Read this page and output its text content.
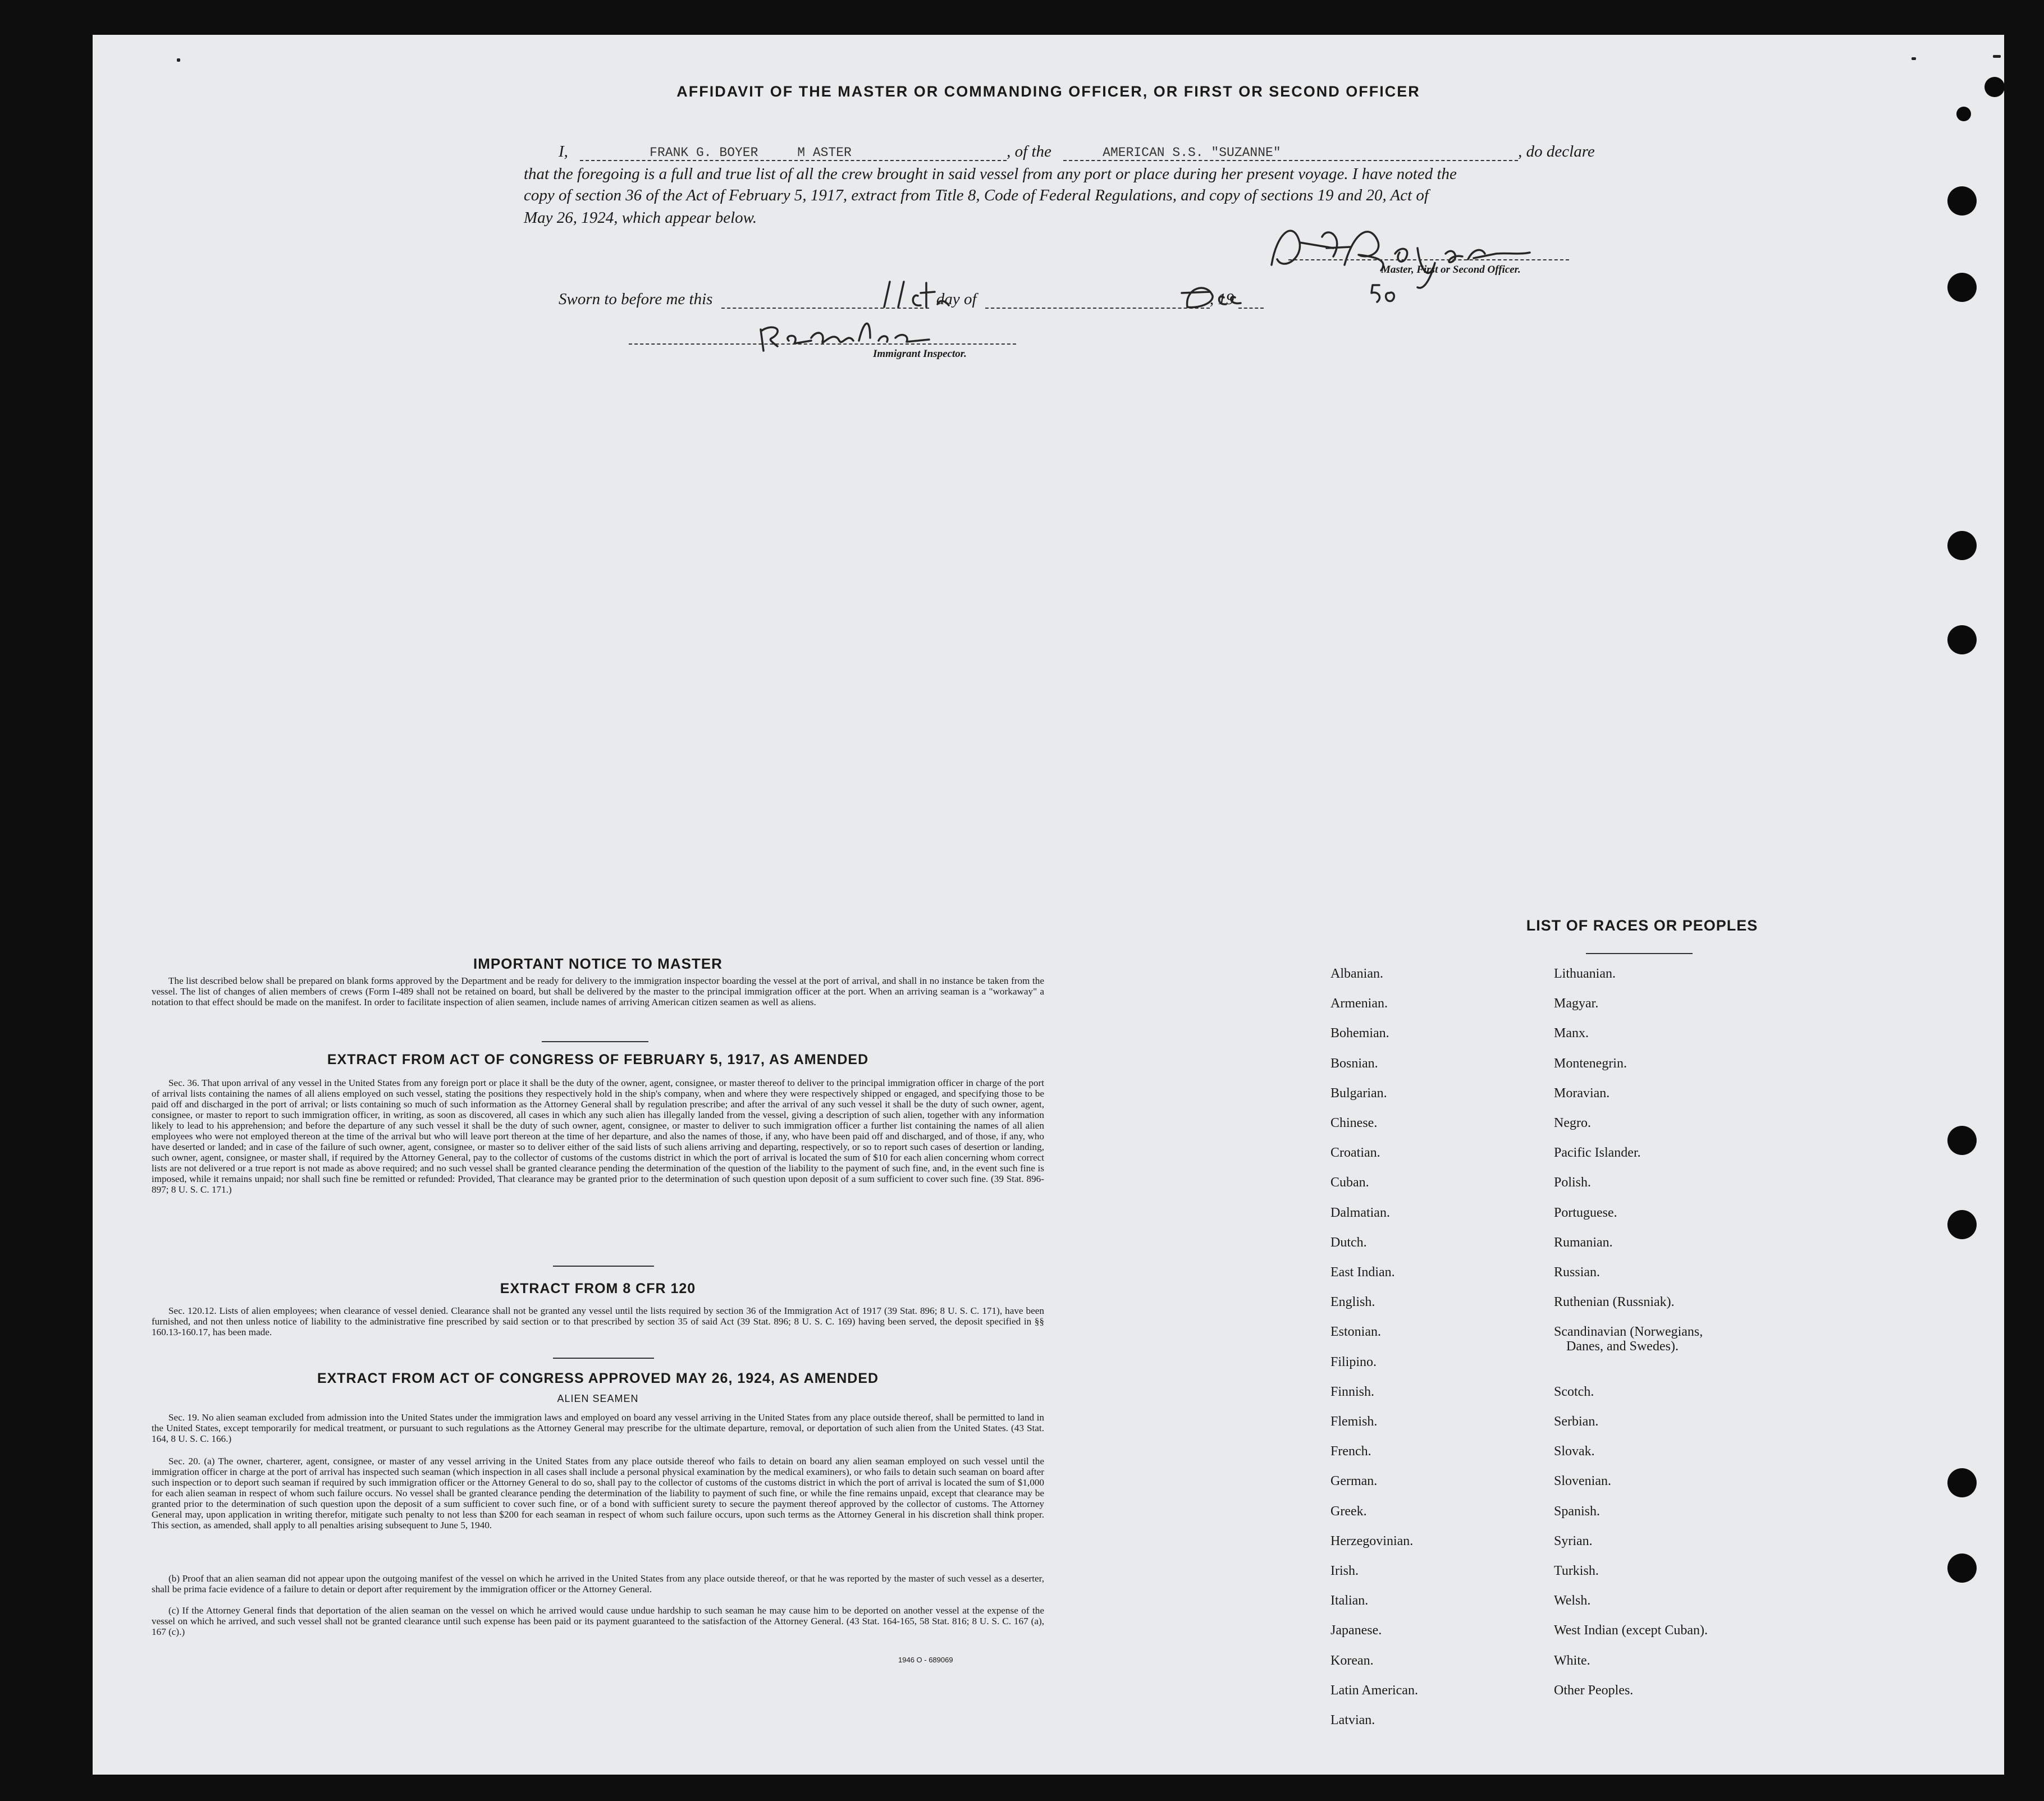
AFFIDAVIT OF THE MASTER OR COMMANDING OFFICER, OR FIRST OR SECOND OFFICER
I,	FRANK G. BOYER	M ASTER	, of the	AMERICAN S.S. "SUZANNE"	, do declare
that the foregoing is a full and true list of all the crew brought in said vessel from any port or place during her present voyage. I have noted the
copy of section 36 of the Act of February 5, 1917, extract from Title 8, Code of Federal Regulations, and copy of sections 19 and 20, Act of
May 26, 1924, which appear below.
Master, First or Second Officer.
Sworn to before me this	day of	, 19
Immigrant Inspector.
IMPORTANT NOTICE TO MASTER

The list described below shall be prepared on blank forms approved by the Department and be ready for delivery to the immigration inspector boarding the vessel at the port of arrival, and shall in no instance be taken from the vessel. The list of changes of alien members of crews (Form I-489 shall not be retained on board, but shall be delivered by the master to the principal immigration officer at the port. When an arriving seaman is a "workaway" a notation to that effect should be made on the manifest. In order to facilitate inspection of alien seamen, include names of arriving American citizen seamen as well as aliens.

EXTRACT FROM ACT OF CONGRESS OF FEBRUARY 5, 1917, AS AMENDED

Sec. 36. That upon arrival of any vessel in the United States from any foreign port or place it shall be the duty of the owner, agent, consignee, or master thereof to deliver to the principal immigration officer in charge of the port of arrival lists containing the names of all aliens employed on such vessel, stating the positions they respectively hold in the ship's company, when and where they were respectively shipped or engaged, and specifying those to be paid off and discharged in the port of arrival; or lists containing so much of such information as the Attorney General shall by regulation prescribe; and after the arrival of any such vessel it shall be the duty of such owner, agent, consignee, or master to report to such immigration officer, in writing, as soon as discovered, all cases in which any such alien has illegally landed from the vessel, giving a description of such alien, together with any information likely to lead to his apprehension; and before the departure of any such vessel it shall be the duty of such owner, agent, consignee, or master to deliver to such immigration officer a further list containing the names of all alien employees who were not employed thereon at the time of the arrival but who will leave port thereon at the time of her departure, and also the names of those, if any, who have been paid off and discharged, and of those, if any, who have deserted or landed; and in case of the failure of such owner, agent, consignee, or master so to deliver either of the said lists of such aliens arriving and departing, respectively, or so to report such cases of desertion or landing, such owner, agent, consignee, or master shall, if required by the Attorney General, pay to the collector of customs of the customs district in which the port of arrival is located the sum of $10 for each alien concerning whom correct lists are not delivered or a true report is not made as above required; and no such vessel shall be granted clearance pending the determination of the question of the liability to the payment of such fine, and, in the event such fine is imposed, while it remains unpaid; nor shall such fine be remitted or refunded: Provided, That clearance may be granted prior to the determination of such question upon deposit of a sum sufficient to cover such fine. (39 Stat. 896-897; 8 U. S. C. 171.)

EXTRACT FROM 8 CFR 120

Sec. 120.12. Lists of alien employees; when clearance of vessel denied. Clearance shall not be granted any vessel until the lists required by section 36 of the Immigration Act of 1917 (39 Stat. 896; 8 U. S. C. 171), have been furnished, and not then unless notice of liability to the administrative fine prescribed by said section or to that prescribed by section 35 of said Act (39 Stat. 896; 8 U. S. C. 169) having been served, the deposit specified in §§ 160.13-160.17, has been made.

EXTRACT FROM ACT OF CONGRESS APPROVED MAY 26, 1924, AS AMENDED
ALIEN SEAMEN

Sec. 19. No alien seaman excluded from admission into the United States under the immigration laws and employed on board any vessel arriving in the United States from any place outside thereof, shall be permitted to land in the United States, except temporarily for medical treatment, or pursuant to such regulations as the Attorney General may prescribe for the ultimate departure, removal, or deportation of such alien from the United States. (43 Stat. 164, 8 U. S. C. 166.)

Sec. 20. (a) The owner, charterer, agent, consignee, or master of any vessel arriving in the United States from any place outside thereof who fails to detain on board any alien seaman employed on such vessel until the immigration officer in charge at the port of arrival has inspected such seaman (which inspection in all cases shall include a personal physical examination by the medical examiners), or who fails to detain such seaman on board after such inspection or to deport such seaman if required by such immigration officer or the Attorney General to do so, shall pay to the collector of customs of the customs district in which the port of arrival is located the sum of $1,000 for each alien seaman in respect of whom such failure occurs. No vessel shall be granted clearance pending the determination of the liability to payment of such fine, or while the fine remains unpaid, except that clearance may be granted prior to the determination of such question upon the deposit of a sum sufficient to cover such fine, or of a bond with sufficient surety to secure the payment thereof approved by the collector of customs. The Attorney General may, upon application in writing therefor, mitigate such penalty to not less than $200 for each seaman in respect of whom such failure occurs, upon such terms as the Attorney General in his discretion shall think proper. This section, as amended, shall apply to all penalties arising subsequent to June 5, 1940.

(b) Proof that an alien seaman did not appear upon the outgoing manifest of the vessel on which he arrived in the United States from any place outside thereof, or that he was reported by the master of such vessel as a deserter, shall be prima facie evidence of a failure to detain or deport after requirement by the immigration officer or the Attorney General.

(c) If the Attorney General finds that deportation of the alien seaman on the vessel on which he arrived would cause undue hardship to such seaman he may cause him to be deported on another vessel at the expense of the vessel on which he arrived, and such vessel shall not be granted clearance until such expense has been paid or its payment guaranteed to the satisfaction of the Attorney General. (43 Stat. 164-165, 58 Stat. 816; 8 U. S. C. 167 (a), 167 (c).)

1946 O - 689069
LIST OF RACES OR PEOPLES
Albanian.
Armenian.
Bohemian.
Bosnian.
Bulgarian.
Chinese.
Croatian.
Cuban.
Dalmatian.
Dutch.
East Indian.
English.
Estonian.
Filipino.
Finnish.
Flemish.
French.
German.
Greek.
Herzegovinian.
Irish.
Italian.
Japanese.
Korean.
Latin American.
Latvian.
Lithuanian.
Magyar.
Manx.
Montenegrin.
Moravian.
Negro.
Pacific Islander.
Polish.
Portuguese.
Rumanian.
Russian.
Ruthenian (Russniak).
Scandinavian (Norwegians,
Danes, and Swedes).
Scotch.
Serbian.
Slovak.
Slovenian.
Spanish.
Syrian.
Turkish.
Welsh.
West Indian (except Cuban).
White.
Other Peoples.
